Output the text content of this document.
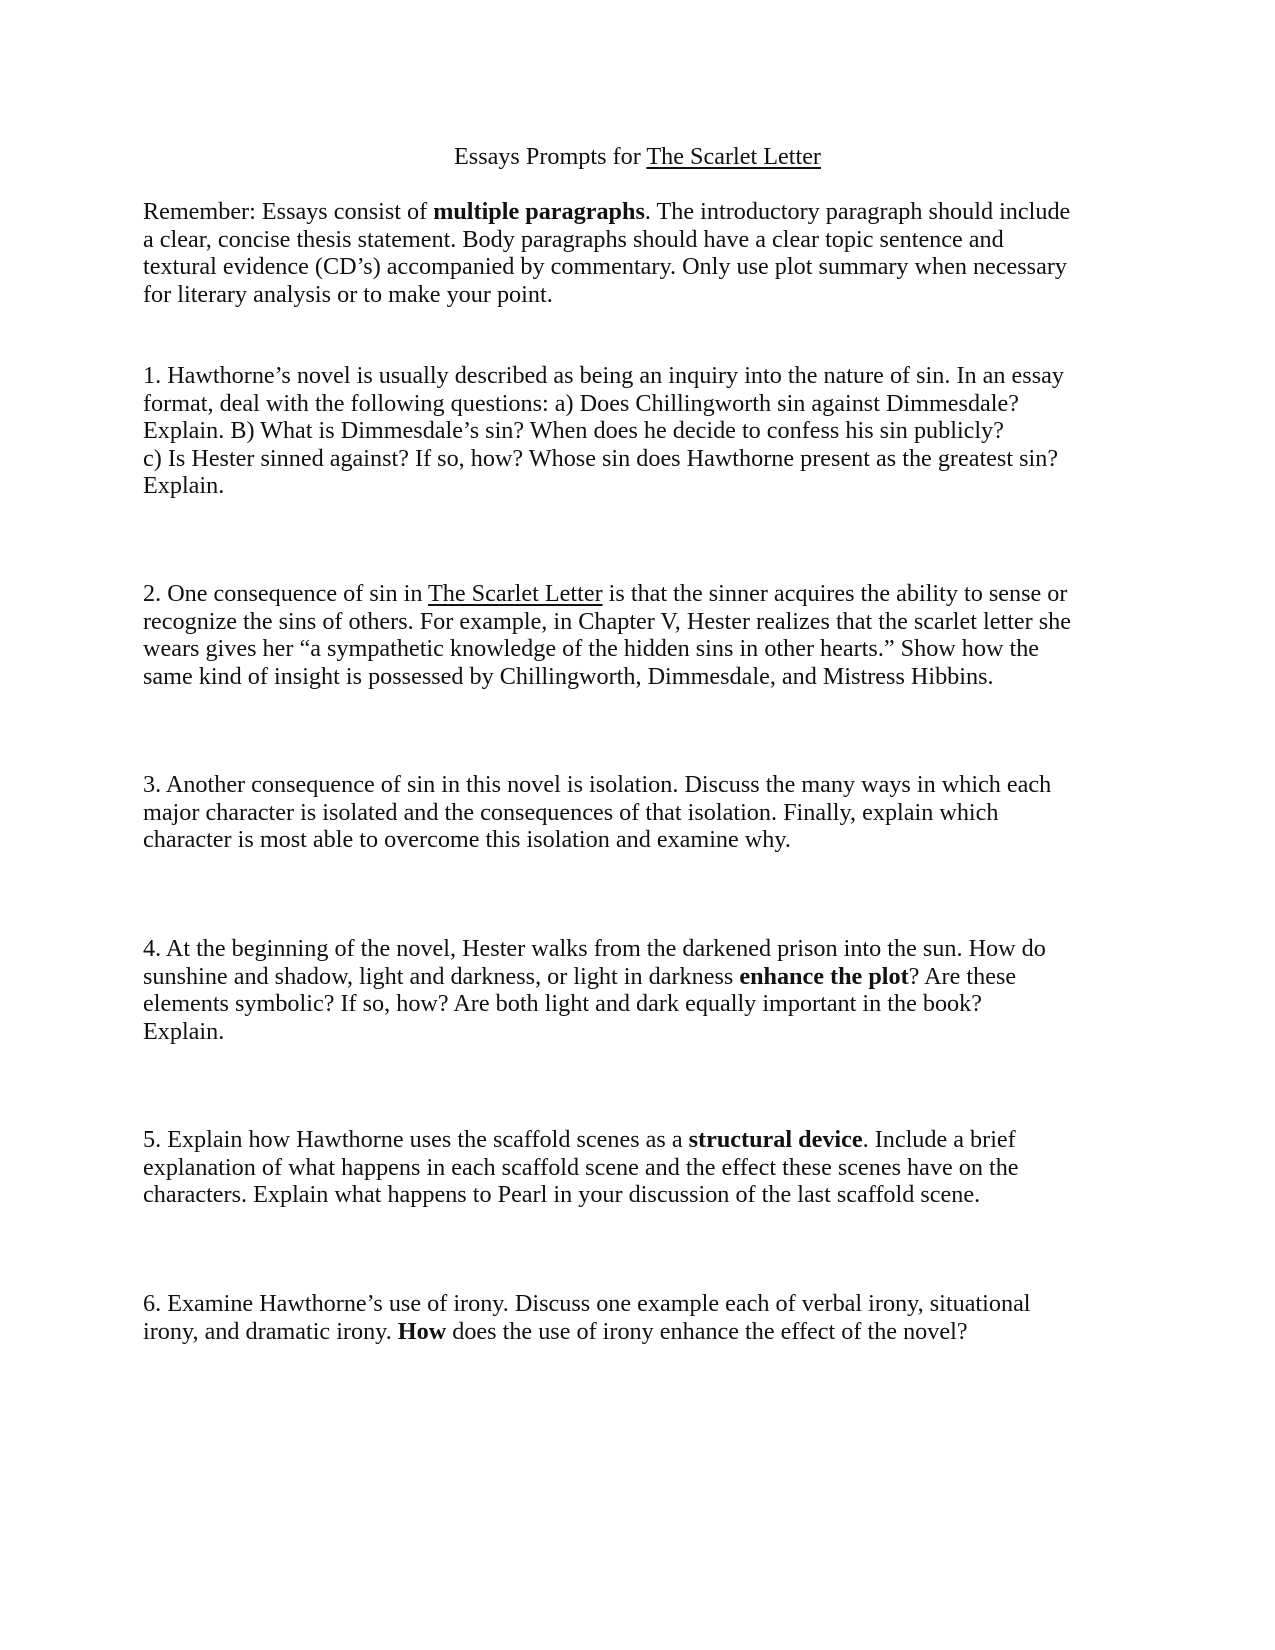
Essays Prompts for The Scarlet Letter
Remember: Essays consist of multiple paragraphs. The introductory paragraph should include
a clear, concise thesis statement. Body paragraphs should have a clear topic sentence and
textural evidence (CD’s) accompanied by commentary. Only use plot summary when necessary
for literary analysis or to make your point.
1. Hawthorne’s novel is usually described as being an inquiry into the nature of sin. In an essay
format, deal with the following questions: a) Does Chillingworth sin against Dimmesdale?
Explain. B) What is Dimmesdale’s sin? When does he decide to confess his sin publicly?
c) Is Hester sinned against? If so, how? Whose sin does Hawthorne present as the greatest sin?
Explain.
2. One consequence of sin in The Scarlet Letter is that the sinner acquires the ability to sense or
recognize the sins of others. For example, in Chapter V, Hester realizes that the scarlet letter she
wears gives her “a sympathetic knowledge of the hidden sins in other hearts.” Show how the
same kind of insight is possessed by Chillingworth, Dimmesdale, and Mistress Hibbins.
3. Another consequence of sin in this novel is isolation. Discuss the many ways in which each
major character is isolated and the consequences of that isolation. Finally, explain which
character is most able to overcome this isolation and examine why.
4. At the beginning of the novel, Hester walks from the darkened prison into the sun. How do
sunshine and shadow, light and darkness, or light in darkness enhance the plot? Are these
elements symbolic? If so, how? Are both light and dark equally important in the book?
Explain.
5. Explain how Hawthorne uses the scaffold scenes as a structural device. Include a brief
explanation of what happens in each scaffold scene and the effect these scenes have on the
characters. Explain what happens to Pearl in your discussion of the last scaffold scene.
6. Examine Hawthorne’s use of irony. Discuss one example each of verbal irony, situational
irony, and dramatic irony. How does the use of irony enhance the effect of the novel?
